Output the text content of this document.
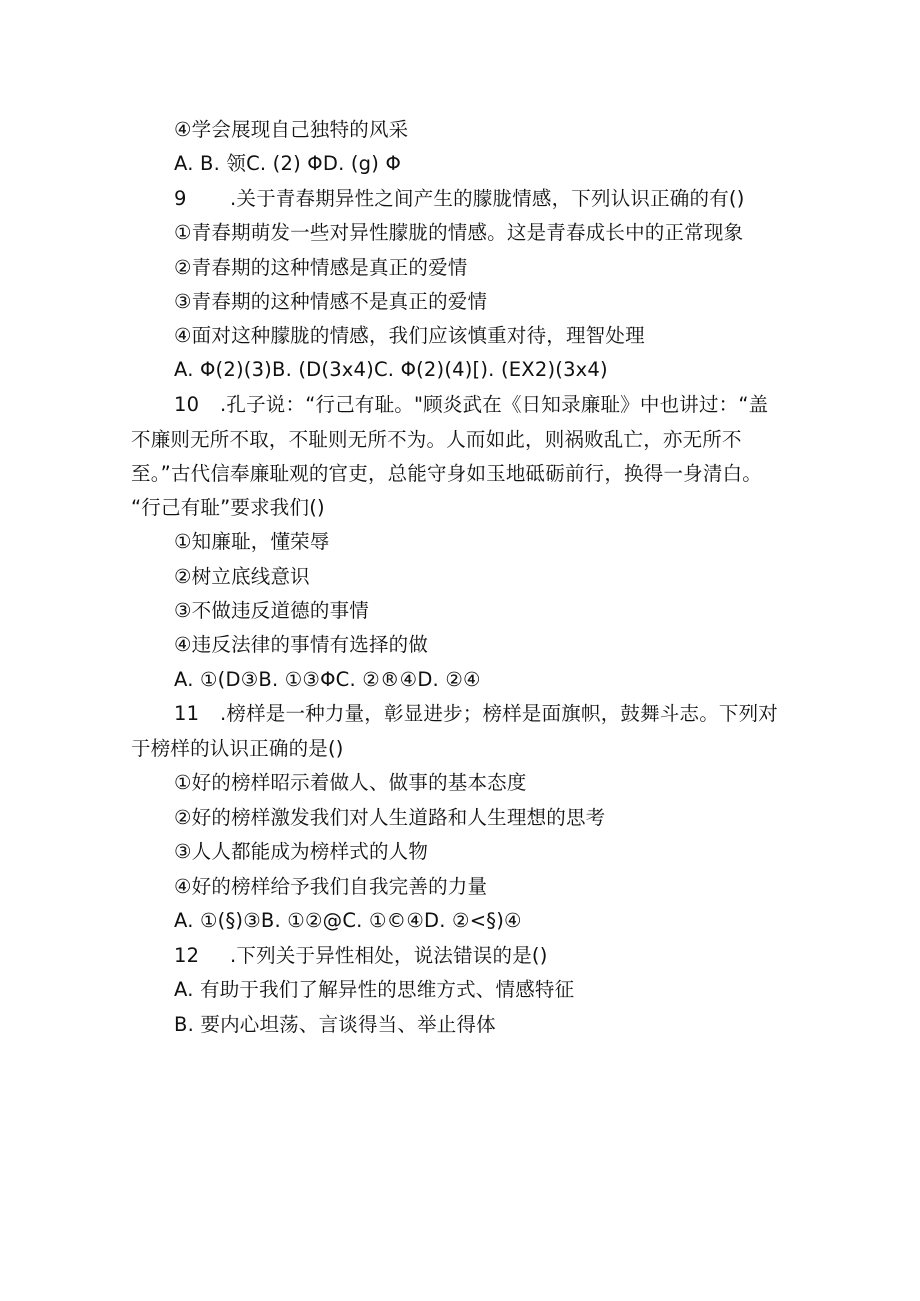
④学会展现自己独特的风采
A. B. 领C. (2) ΦD. (g) Φ
9 .关于青春期异性之间产生的朦胧情感，下列认识正确的有()
①青春期萌发一些对异性朦胧的情感。这是青春成长中的正常现象
②青春期的这种情感是真正的爱情
③青春期的这种情感不是真正的爱情
④面对这种朦胧的情感，我们应该慎重对待，理智处理
A. Φ(2)(3)B. (D(3ⅹ4)C. Φ(2)(4)[). (EX2)(3ⅹ4)
10 .孔子说：“行己有耻。"顾炎武在《日知录廉耻》中也讲过：“盖
不廉则无所不取，不耻则无所不为。人而如此，则祸败乱亡，亦无所不
至。”古代信奉廉耻观的官吏，总能守身如玉地砥砺前行，换得一身清白。
“行己有耻”要求我们()
①知廉耻，懂荣辱
②树立底线意识
③不做违反道德的事情
④违反法律的事情有选择的做
A. ①(D③B. ①③ΦC. ②®④D. ②④
11 .榜样是一种力量，彰显进步；榜样是面旗帜，鼓舞斗志。下列对
于榜样的认识正确的是()
①好的榜样昭示着做人、做事的基本态度
②好的榜样激发我们对人生道路和人生理想的思考
③人人都能成为榜样式的人物
④好的榜样给予我们自我完善的力量
A. ①(§)③B. ①②@C. ①©④D. ②<§)④
12 .下列关于异性相处，说法错误的是()
A. 有助于我们了解异性的思维方式、情感特征
B. 要内心坦荡、言谈得当、举止得体
